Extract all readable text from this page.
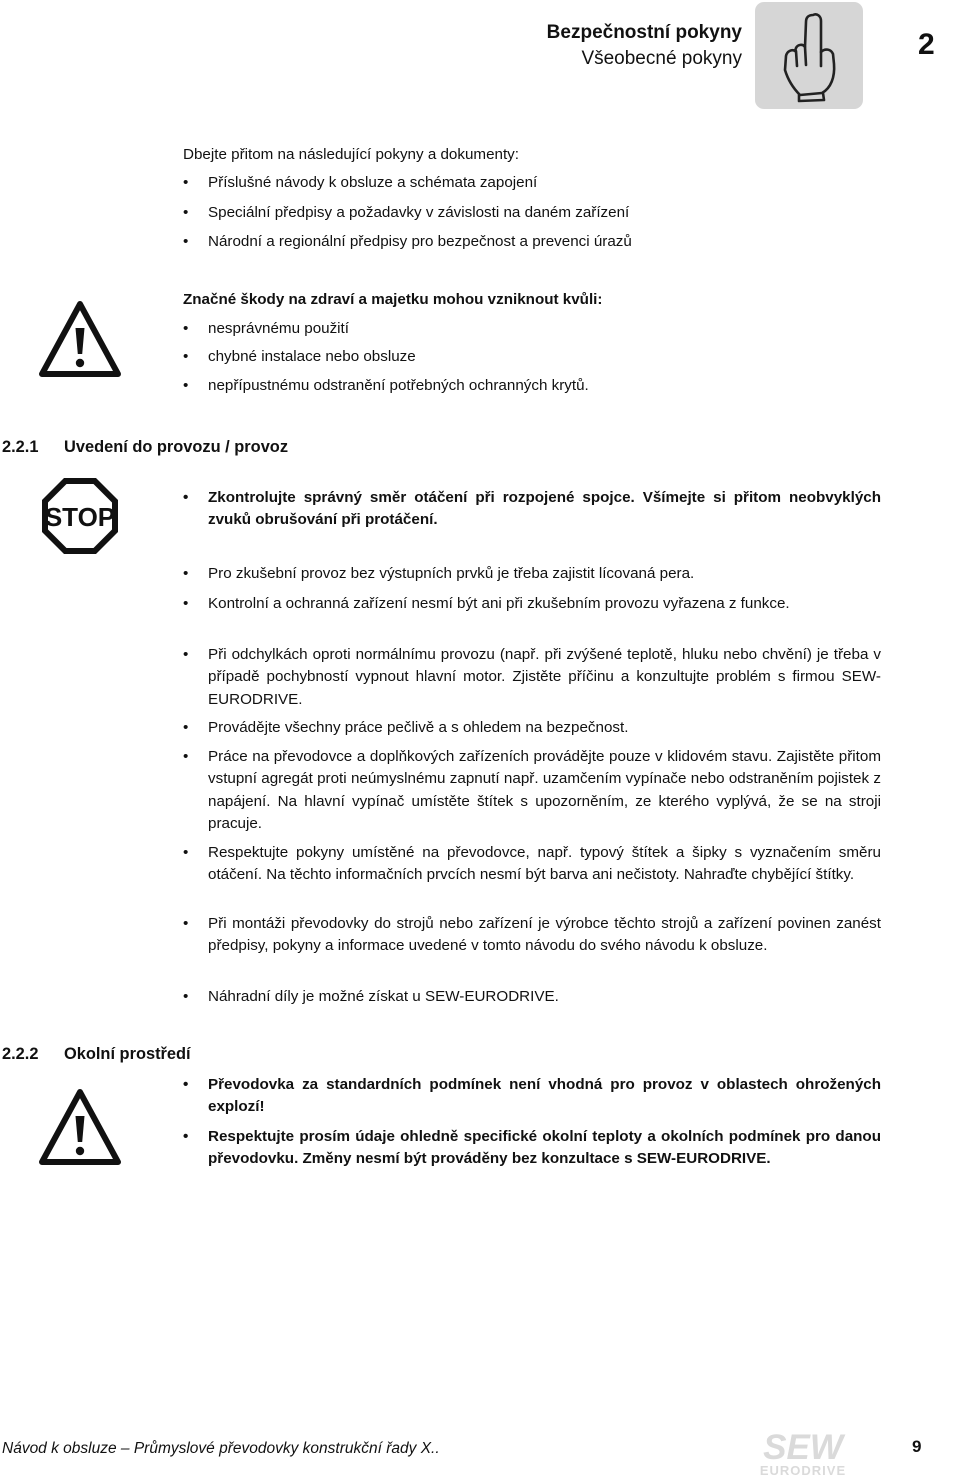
Bezpečnostní pokyny
Všeobecné pokyny	2
Dbejte přitom na následující pokyny a dokumenty:
•	Příslušné návody k obsluze a schémata zapojení
•	Speciální předpisy a požadavky v závislosti na daném zařízení
•	Národní a regionální předpisy pro bezpečnost a prevenci úrazů
Značné škody na zdraví a majetku mohou vzniknout kvůli:
•	nesprávnému použití
•	chybné instalace nebo obsluze
•	nepřípustnému odstranění potřebných ochranných krytů.
2.2.1 Uvedení do provozu / provoz
STOP
•	Zkontrolujte správný směr otáčení při rozpojené spojce. Všímejte si přitom neobvyklých zvuků obrušování při protáčení.
•	Pro zkušební provoz bez výstupních prvků je třeba zajistit lícovaná pera.
•	Kontrolní a ochranná zařízení nesmí být ani při zkušebním provozu vyřazena z funkce.
•	Při odchylkách oproti normálnímu provozu (např. při zvýšené teplotě, hluku nebo chvění) je třeba v případě pochybností vypnout hlavní motor. Zjistěte příčinu a konzultujte problém s firmou SEW-EURODRIVE.
•	Provádějte všechny práce pečlivě a s ohledem na bezpečnost.
•	Práce na převodovce a doplňkových zařízeních provádějte pouze v klidovém stavu. Zajistěte přitom vstupní agregát proti neúmyslnému zapnutí např. uzamčením vypínače nebo odstraněním pojistek z napájení. Na hlavní vypínač umístěte štítek s upozorněním, ze kterého vyplývá, že se na stroji pracuje.
•	Respektujte pokyny umístěné na převodovce, např. typový štítek a šipky s vyznačením směru otáčení. Na těchto informačních prvcích nesmí být barva ani nečistoty. Nahraďte chybějící štítky.
•	Při montáži převodovky do strojů nebo zařízení je výrobce těchto strojů a zařízení povinen zanést předpisy, pokyny a informace uvedené v tomto návodu do svého návodu k obsluze.
•	Náhradní díly je možné získat u SEW-EURODRIVE.
2.2.2 Okolní prostředí
•	Převodovka za standardních podmínek není vhodná pro provoz v oblastech ohrožených explozí!
•	Respektujte prosím údaje ohledně specifické okolní teploty a okolních podmínek pro danou převodovku. Změny nesmí být prováděny bez konzultace s SEW-EURODRIVE.
Návod k obsluze – Průmyslové převodovky konstrukční řady X..	SEW
EURODRIVE
9
